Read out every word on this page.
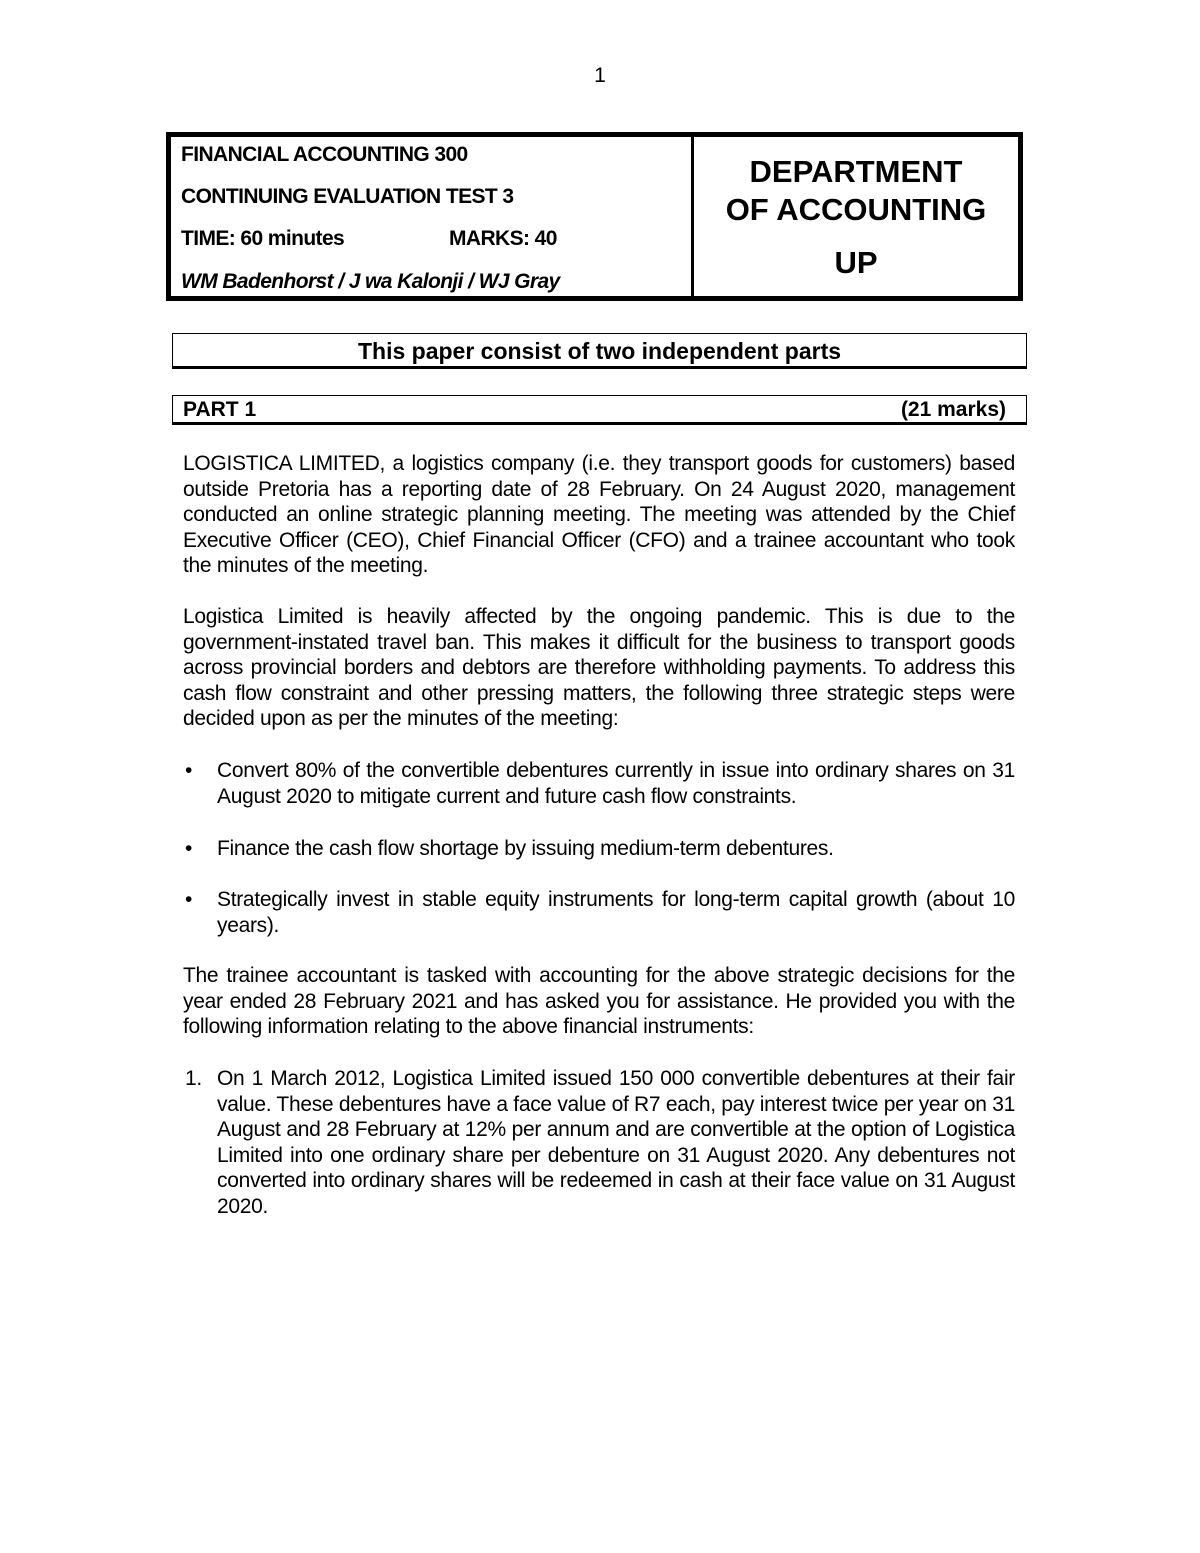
1
FINANCIAL ACCOUNTING 300
CONTINUING EVALUATION TEST 3
TIME: 60 minutes	MARKS: 40
WM Badenhorst / J wa Kalonji / WJ Gray
DEPARTMENT
OF ACCOUNTING
UP
This paper consist of two independent parts
PART 1	(21 marks)
LOGISTICA LIMITED, a logistics company (i.e. they transport goods for customers) based outside Pretoria has a reporting date of 28 February. On 24 August 2020, management conducted an online strategic planning meeting. The meeting was attended by the Chief Executive Officer (CEO), Chief Financial Officer (CFO) and a trainee accountant who took the minutes of the meeting.
Logistica Limited is heavily affected by the ongoing pandemic. This is due to the government-instated travel ban. This makes it difficult for the business to transport goods across provincial borders and debtors are therefore withholding payments. To address this cash flow constraint and other pressing matters, the following three strategic steps were decided upon as per the minutes of the meeting:
• Convert 80% of the convertible debentures currently in issue into ordinary shares on 31 August 2020 to mitigate current and future cash flow constraints.
• Finance the cash flow shortage by issuing medium-term debentures.
• Strategically invest in stable equity instruments for long-term capital growth (about 10 years).
The trainee accountant is tasked with accounting for the above strategic decisions for the year ended 28 February 2021 and has asked you for assistance. He provided you with the following information relating to the above financial instruments:
1. On 1 March 2012, Logistica Limited issued 150 000 convertible debentures at their fair value. These debentures have a face value of R7 each, pay interest twice per year on 31 August and 28 February at 12% per annum and are convertible at the option of Logistica Limited into one ordinary share per debenture on 31 August 2020. Any debentures not converted into ordinary shares will be redeemed in cash at their face value on 31 August 2020.
